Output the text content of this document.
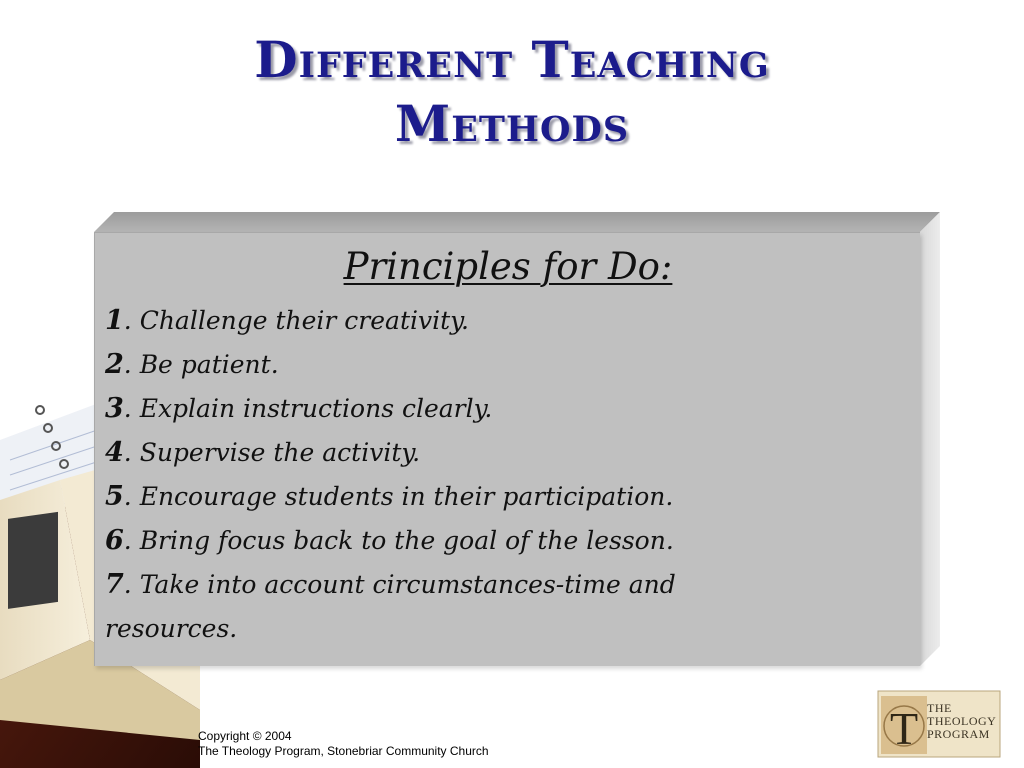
Different Teaching
Methods
Principles for Do:
1. Challenge their creativity.
2. Be patient.
3. Explain instructions clearly.
4. Supervise the activity.
5. Encourage students in their participation.
6. Bring focus back to the goal of the lesson.
7. Take into account circumstances-time and resources.
Copyright © 2004
The Theology Program, Stonebriar Community Church	T THE
THEOLOGY
PROGRAM
